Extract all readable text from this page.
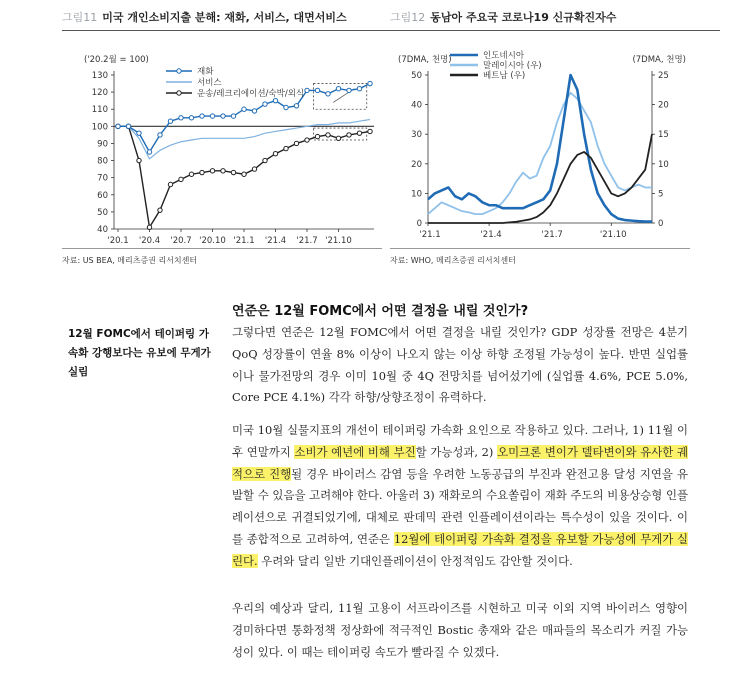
그림11 미국 개인소비지출 분해: 재화, 서비스, 대면서비스
('20.2월 = 100)
40
50
60
70
80
90
100
110
120
130
'20.1 '20.4 '20.7 '20.10 '21.1 '21.4 '21.7 '21.10
재화
서비스
운송/레크리에이션/숙박/외식
자료: US BEA, 메리츠증권 리서치센터
그림12 동남아 주요국 코로나19 신규확진자수
(7DMA, 천명)	(7DMA, 천명)
0
10
20
30
40
50
0
5
10
15
20
25
'21.1	'21.4	'21.7	'21.10
인도네시아
말레이시아 (우)
베트남 (우)
자료: WHO, 메리츠증권 리서치센터
연준은 12월 FOMC에서 어떤 결정을 내릴 것인가?
12월 FOMC에서 테이퍼링 가속화 강행보다는 유보에 무게가 실림
그렇다면 연준은 12월 FOMC에서 어떤 결정을 내릴 것인가? GDP 성장률 전망은 4분기 QoQ 성장률이 연율 8% 이상이 나오지 않는 이상 하향 조정될 가능성이 높다. 반면 실업률이나 물가전망의 경우 이미 10월 중 4Q 전망치를 넘어섰기에 (실업률 4.6%, PCE 5.0%, Core PCE 4.1%) 각각 하향/상향조정이 유력하다.
미국 10월 실물지표의 개선이 테이퍼링 가속화 요인으로 작용하고 있다. 그러나, 1) 11월 이후 연말까지 소비가 예년에 비해 부진할 가능성과, 2) 오미크론 변이가 델타변이와 유사한 궤적으로 진행될 경우 바이러스 감염 등을 우려한 노동공급의 부진과 완전고용 달성 지연을 유발할 수 있음을 고려해야 한다. 아울러 3) 재화로의 수요쏠림이 재화 주도의 비용상승형 인플레이션으로 귀결되었기에, 대체로 판데믹 관련 인플레이션이라는 특수성이 있을 것이다. 이를 종합적으로 고려하여, 연준은 12월에 테이퍼링 가속화 결정을 유보할 가능성에 무게가 실린다. 우려와 달리 일반 기대인플레이션이 안정적임도 감안할 것이다.
우리의 예상과 달리, 11월 고용이 서프라이즈를 시현하고 미국 이외 지역 바이러스 영향이 경미하다면 통화정책 정상화에 적극적인 Bostic 총재와 같은 매파들의 목소리가 커질 가능성이 있다. 이 때는 테이퍼링 속도가 빨라질 수 있겠다.
